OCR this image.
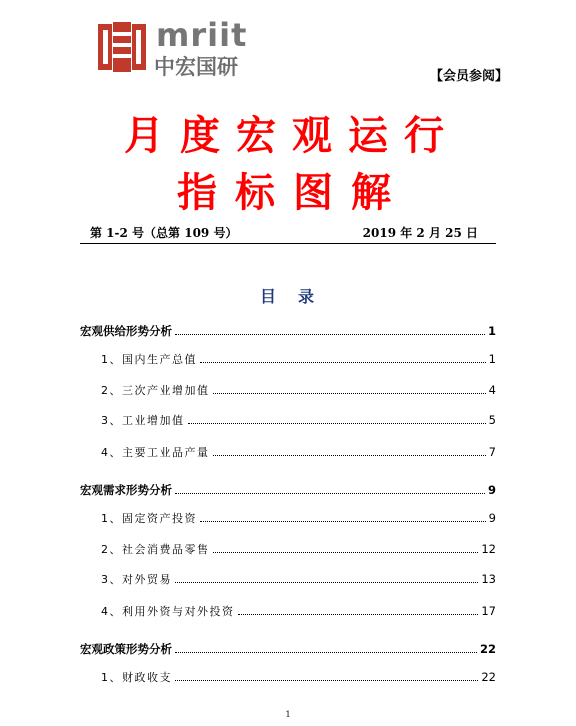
mriit
中宏国研	【会员参阅】
月度宏观运行
指标图解
第 1-2 号（总第 109 号）	2019 年 2 月 25 日
目录
宏观供给形势分析	1
1、国内生产总值	1
2、三次产业增加值	4
3、工业增加值	5
4、主要工业品产量	7
宏观需求形势分析	9
1、固定资产投资	9
2、社会消费品零售	12
3、对外贸易	13
4、利用外资与对外投资	17
宏观政策形势分析	22
1、财政收支	22
1
